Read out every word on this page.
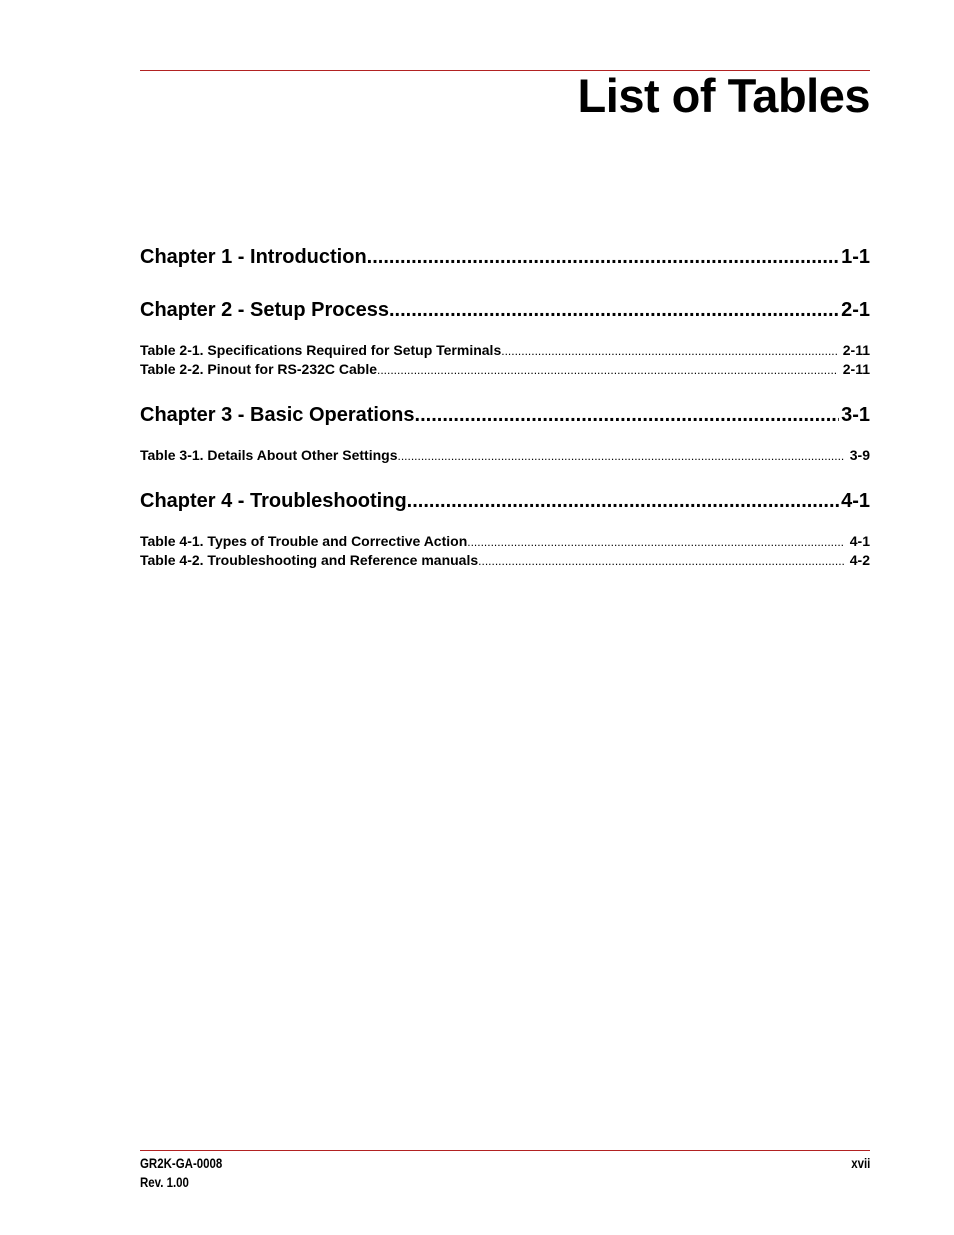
List of Tables
Chapter 1 - Introduction .....	1-1
Chapter 2 - Setup Process .....	2-1
Table 2-1. Specifications Required for Setup Terminals .....	2-11
Table 2-2. Pinout for RS-232C Cable .....	2-11
Chapter 3 - Basic Operations .....	3-1
Table 3-1. Details About Other Settings .....	3-9
Chapter 4 - Troubleshooting .....	4-1
Table 4-1. Types of Trouble and Corrective Action .....	4-1
Table 4-2. Troubleshooting and Reference manuals .....	4-2
GR2K-GA-0008
Rev. 1.00
xvii
